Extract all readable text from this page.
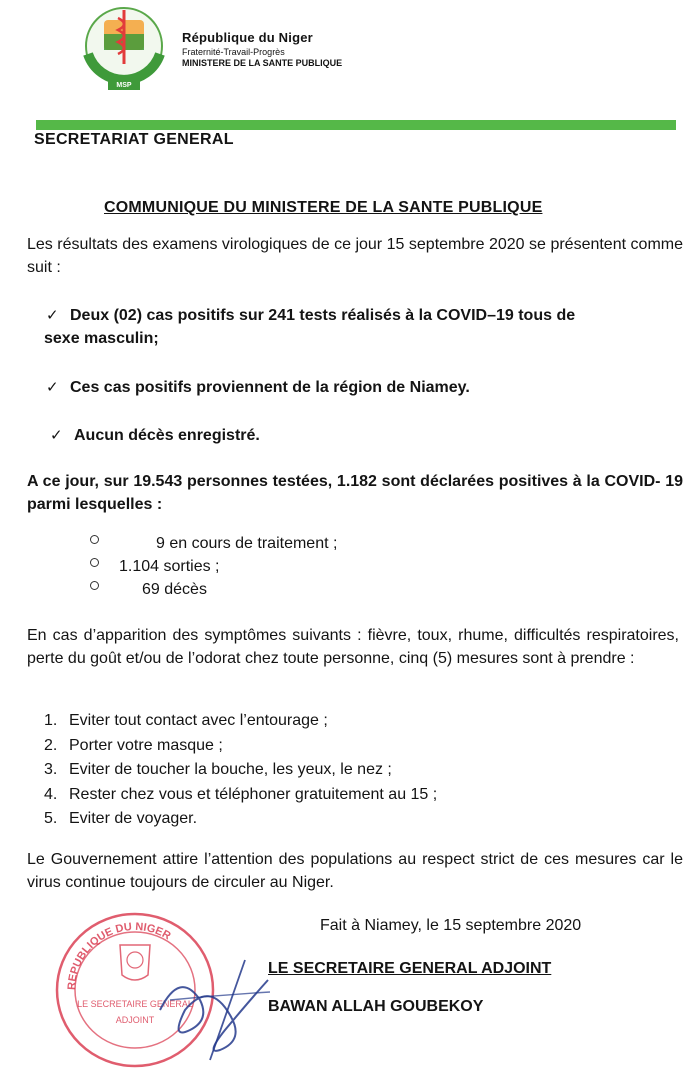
MSP
République du Niger
Fraternité-Travail-Progrès
MINISTERE DE LA SANTE PUBLIQUE
SECRETARIAT GENERAL
COMMUNIQUE DU MINISTERE DE LA SANTE PUBLIQUE
Les résultats des examens virologiques de ce jour 15 septembre 2020 se présentent comme suit :
✓ Deux (02) cas positifs sur 241 tests réalisés à la COVID–19 tous de
sexe masculin;
✓ Ces cas positifs proviennent de la région de Niamey.
✓ Aucun décès enregistré.
A ce jour, sur 19.543 personnes testées, 1.182 sont déclarées positives à la COVID- 19 parmi lesquelles :
9 en cours de traitement ;
1.104 sorties ;
69 décès
En cas d’apparition des symptômes suivants : fièvre, toux, rhume, difficultés respiratoires, perte du goût et/ou de l’odorat chez toute personne, cinq (5) mesures sont à prendre :
1. Eviter tout contact avec l’entourage ;
2. Porter votre masque ;
3. Eviter de toucher la bouche, les yeux, le nez ;
4. Rester chez vous et téléphoner gratuitement au 15 ;
5. Eviter de voyager.
Le Gouvernement attire l’attention des populations au respect strict de ces mesures car le virus continue toujours de circuler au Niger.
Fait à Niamey, le 15 septembre 2020
REPUBLIQUE DU NIGER
LE SECRETAIRE GENERAL
ADJOINT
LE SECRETAIRE GENERAL ADJOINT
BAWAN ALLAH GOUBEKOY
